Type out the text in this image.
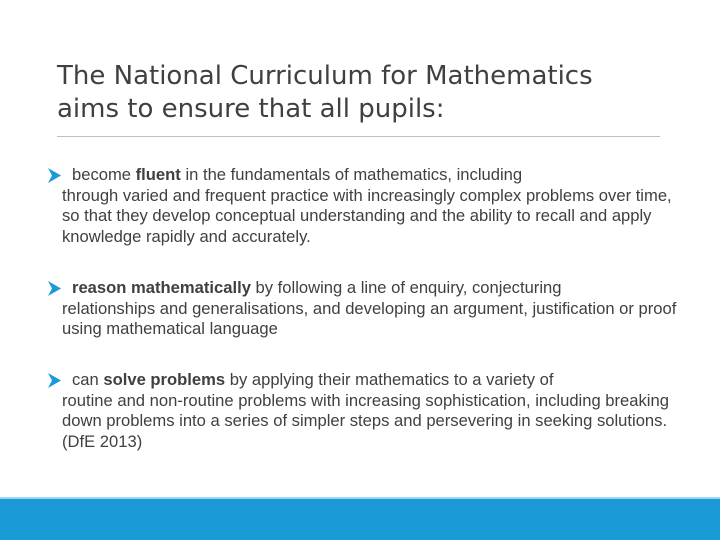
The National Curriculum for Mathematics
aims to ensure that all pupils:
become fluent in the fundamentals of mathematics, including
through varied and frequent practice with increasingly complex problems over time, so that they develop conceptual understanding and the ability to recall and apply knowledge rapidly and accurately.
reason mathematically by following a line of enquiry, conjecturing
relationships and generalisations, and developing an argument, justification or proof using mathematical language
can solve problems by applying their mathematics to a variety of
routine and non-routine problems with increasing sophistication, including breaking down problems into a series of simpler steps and persevering in seeking solutions. (DfE 2013)
